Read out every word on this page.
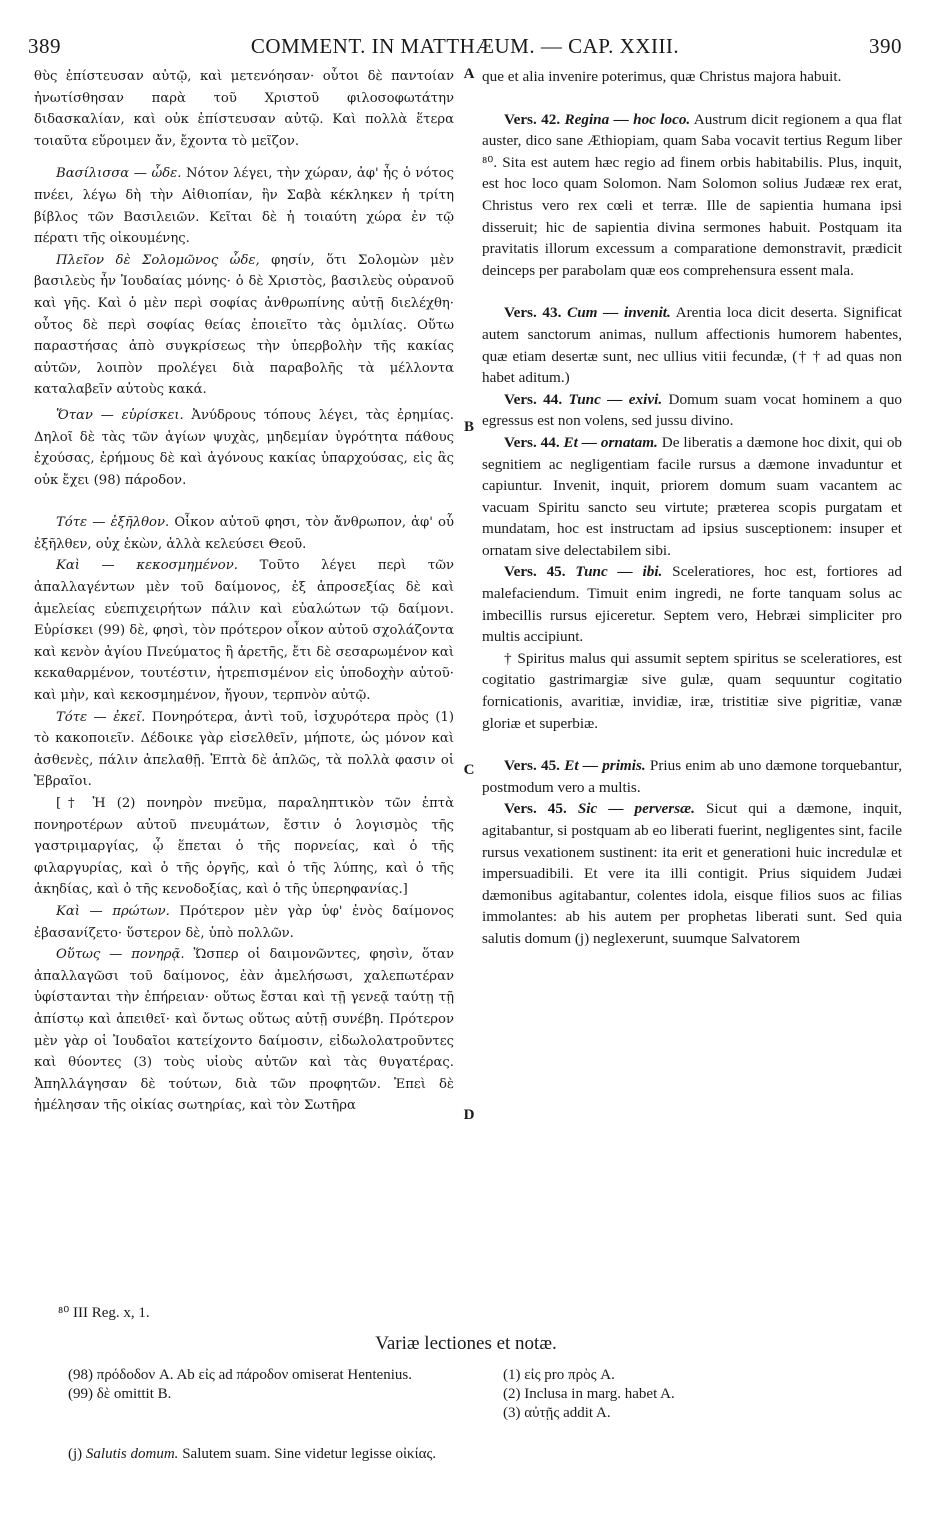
389	COMMENT. IN MATTHÆUM. — CAP. XXIII.	390

θὺς ἐπίστευσαν αὐτῷ, καὶ μετενόησαν· οὗτοι δὲ παντοίαν ἠνωτίσθησαν παρὰ τοῦ Χριστοῦ φιλοσοφωτάτην διδασκαλίαν, καὶ οὐκ ἐπίστευσαν αὐτῷ. Καὶ πολλὰ ἕτερα τοιαῦτα εὕροιμεν ἄν, ἔχοντα τὸ μεῖζον.

Βασίλισσα — ὧδε. Νότον λέγει, τὴν χώραν, ἀφ' ἧς ὁ νότος πνέει, λέγω δὴ τὴν Αἰθιοπίαν, ἣν Σαβὰ κέκληκεν ἡ τρίτη βίβλος τῶν Βασιλειῶν. Κεῖται δὲ ἡ τοιαύτη χώρα ἐν τῷ πέρατι τῆς οἰκουμένης.

Πλεῖον δὲ Σολομῶνος ὧδε, φησίν, ὅτι Σολομὼν μὲν βασιλεὺς ἦν Ἰουδαίας μόνης· ὁ δὲ Χριστὸς, βασιλεὺς οὐρανοῦ καὶ γῆς. Καὶ ὁ μὲν περὶ σοφίας ἀνθρωπίνης αὐτῇ διελέχθη· οὗτος δὲ περὶ σοφίας θείας ἐποιεῖτο τὰς ὁμιλίας. Οὕτω παραστήσας ἀπὸ συγκρίσεως τὴν ὑπερβολὴν τῆς κακίας αὐτῶν, λοιπὸν προλέγει διὰ παραβολῆς τὰ μέλλοντα καταλαβεῖν αὐτοὺς κακά.

Ὅταν — εὑρίσκει. Ἀνύδρους τόπους λέγει, τὰς ἐρημίας. Δηλοῖ δὲ τὰς τῶν ἁγίων ψυχὰς, μηδεμίαν ὑγρότητα πάθους ἐχούσας, ἐρήμους δὲ καὶ ἀγόνους κακίας ὑπαρχούσας, εἰς ἃς οὐκ ἔχει (98) πάροδον.

Τότε — ἐξῆλθον. Οἶκον αὐτοῦ φησι, τὸν ἄνθρωπον, ἀφ' οὗ ἐξῆλθεν, οὐχ ἑκὼν, ἀλλὰ κελεύσει Θεοῦ.

Καὶ — κεκοσμημένον. Τοῦτο λέγει περὶ τῶν ἀπαλλαγέντων μὲν τοῦ δαίμονος, ἐξ ἀπροσεξίας δὲ καὶ ἀμελείας εὐεπιχειρήτων πάλιν καὶ εὐαλώτων τῷ δαίμονι. Εὑρίσκει (99) δὲ, φησὶ, τὸν πρότερον οἶκον αὐτοῦ σχολάζοντα καὶ κενὸν ἁγίου Πνεύματος ἢ ἀρετῆς, ἔτι δὲ σεσαρωμένον καὶ κεκαθαρμένον, τουτέστιν, ἡτρεπισμένον εἰς ὑποδοχὴν αὐτοῦ· καὶ μὴν, καὶ κεκοσμημένον, ἤγουν, τερπνὸν αὐτῷ.

Τότε — ἐκεῖ. Πονηρότερα, ἀντὶ τοῦ, ἰσχυρότερα πρὸς (1) τὸ κακοποιεῖν. Δέδοικε γὰρ εἰσελθεῖν, μήποτε, ὡς μόνον καὶ ἀσθενὲς, πάλιν ἀπελαθῇ. Ἑπτὰ δὲ ἁπλῶς, τὰ πολλὰ φασιν οἱ Ἑβραῖοι.

[† Ἡ (2) πονηρὸν πνεῦμα, παραληπτικὸν τῶν ἑπτὰ πονηροτέρων αὐτοῦ πνευμάτων, ἔστιν ὁ λογισμὸς τῆς γαστριμαργίας, ᾧ ἕπεται ὁ τῆς πορνείας, καὶ ὁ τῆς φιλαργυρίας, καὶ ὁ τῆς ὀργῆς, καὶ ὁ τῆς λύπης, καὶ ὁ τῆς ἀκηδίας, καὶ ὁ τῆς κενοδοξίας, καὶ ὁ τῆς ὑπερηφανίας.]

Καὶ — πρώτων. Πρότερον μὲν γὰρ ὑφ' ἑνὸς δαίμονος ἐβασανίζετο· ὕστερον δὲ, ὑπὸ πολλῶν.

Οὕτως — πονηρᾷ. Ὥσπερ οἱ δαιμονῶντες, φησὶν, ὅταν ἀπαλλαγῶσι τοῦ δαίμονος, ἐὰν ἀμελήσωσι, χαλεπωτέραν ὑφίστανται τὴν ἐπήρειαν· οὕτως ἔσται καὶ τῇ γενεᾷ ταύτῃ τῇ ἀπίστῳ καὶ ἀπειθεῖ· καὶ ὄντως οὕτως αὐτῇ συνέβη. Πρότερον μὲν γὰρ οἱ Ἰουδαῖοι κατείχοντο δαίμοσιν, εἰδωλολατροῦντες καὶ θύοντες (3) τοὺς υἱοὺς αὐτῶν καὶ τὰς θυγατέρας. Ἀπηλλάγησαν δὲ τούτων, διὰ τῶν προφητῶν. Ἐπεὶ δὲ ἠμέλησαν τῆς οἰκίας σωτηρίας, καὶ τὸν Σωτῆρα

A
B
C
D

que et alia invenire poterimus, quæ Christus majora habuit.

Vers. 42. Regina — hoc loco. Austrum dicit regionem a qua flat auster, dico sane Æthiopiam, quam Saba vocavit tertius Regum liber ⁸⁰. Sita est autem hæc regio ad finem orbis habitabilis. Plus, inquit, est hoc loco quam Solomon. Nam Solomon solius Judææ rex erat, Christus vero rex cœli et terræ. Ille de sapientia humana ipsi disseruit; hic de sapientia divina sermones habuit. Postquam ita pravitatis illorum excessum a comparatione demonstravit, prædicit deinceps per parabolam quæ eos comprehensura essent mala.

Vers. 43. Cum — invenit. Arentia loca dicit deserta. Significat autem sanctorum animas, nullum affectionis humorem habentes, quæ etiam desertæ sunt, nec ullius vitii fecundæ, († † ad quas non habet aditum.)

Vers. 44. Tunc — exivi. Domum suam vocat hominem a quo egressus est non volens, sed jussu divino.

Vers. 44. Et — ornatam. De liberatis a dæmone hoc dixit, qui ob segnitiem ac negligentiam facile rursus a dæmone invaduntur et capiuntur. Invenit, inquit, priorem domum suam vacantem ac vacuam Spiritu sancto seu virtute; præterea scopis purgatam et mundatam, hoc est instructam ad ipsius susceptionem: insuper et ornatam sive delectabilem sibi.

Vers. 45. Tunc — ibi. Sceleratiores, hoc est, fortiores ad malefaciendum. Timuit enim ingredi, ne forte tanquam solus ac imbecillis rursus ejiceretur. Septem vero, Hebræi simpliciter pro multis accipiunt.

† Spiritus malus qui assumit septem spiritus se sceleratiores, est cogitatio gastrimargiæ sive gulæ, quam sequuntur cogitatio fornicationis, avaritiæ, invidiæ, iræ, tristitiæ sive pigritiæ, vanæ gloriæ et superbiæ.

Vers. 45. Et — primis. Prius enim ab uno dæmone torquebantur, postmodum vero a multis.

Vers. 45. Sic — perversæ. Sicut qui a dæmone, inquit, agitabantur, si postquam ab eo liberati fuerint, negligentes sint, facile rursus vexationem sustinent: ita erit et generationi huic incredulæ et impersuadibili. Et vere ita illi contigit. Prius siquidem Judæi dæmonibus agitabantur, colentes idola, eisque filios suos ac filias immolantes: ab his autem per prophetas liberati sunt. Sed quia salutis domum (j) neglexerunt, suumque Salvatorem

⁸⁰ III Reg. x, 1.
Variæ lectiones et notæ.
(98) πρόδοδον A. Ab εἰς ad πάροδον omiserat Hentenius.
(99) δὲ omittit B.
(1) εἰς pro πρὸς A.
(2) Inclusa in marg. habet A.
(3) αὐτῇς addit A.
(j) Salutis domum. Salutem suam. Sine videtur legisse οἰκίας.
